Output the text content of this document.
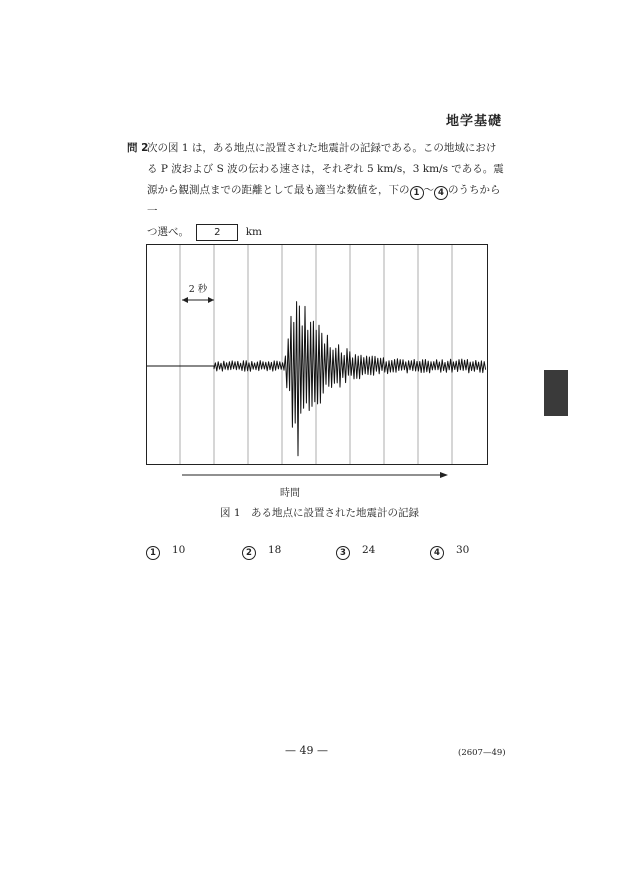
地学基礎
問 2
次の図 1 は，ある地点に設置された地震計の記録である。この地域におけ
る P 波および S 波の伝わる速さは，それぞれ 5 km/s，3 km/s である。震
源から観測点までの距離として最も適当な数値を，下の 1 ～ 4 のうちから一
つ選べ。	2 km
2 秒
時間
図 1　ある地点に設置された地震計の記録
1 10	2 18	3 24	4 30
— 49 —	(2607—49)
